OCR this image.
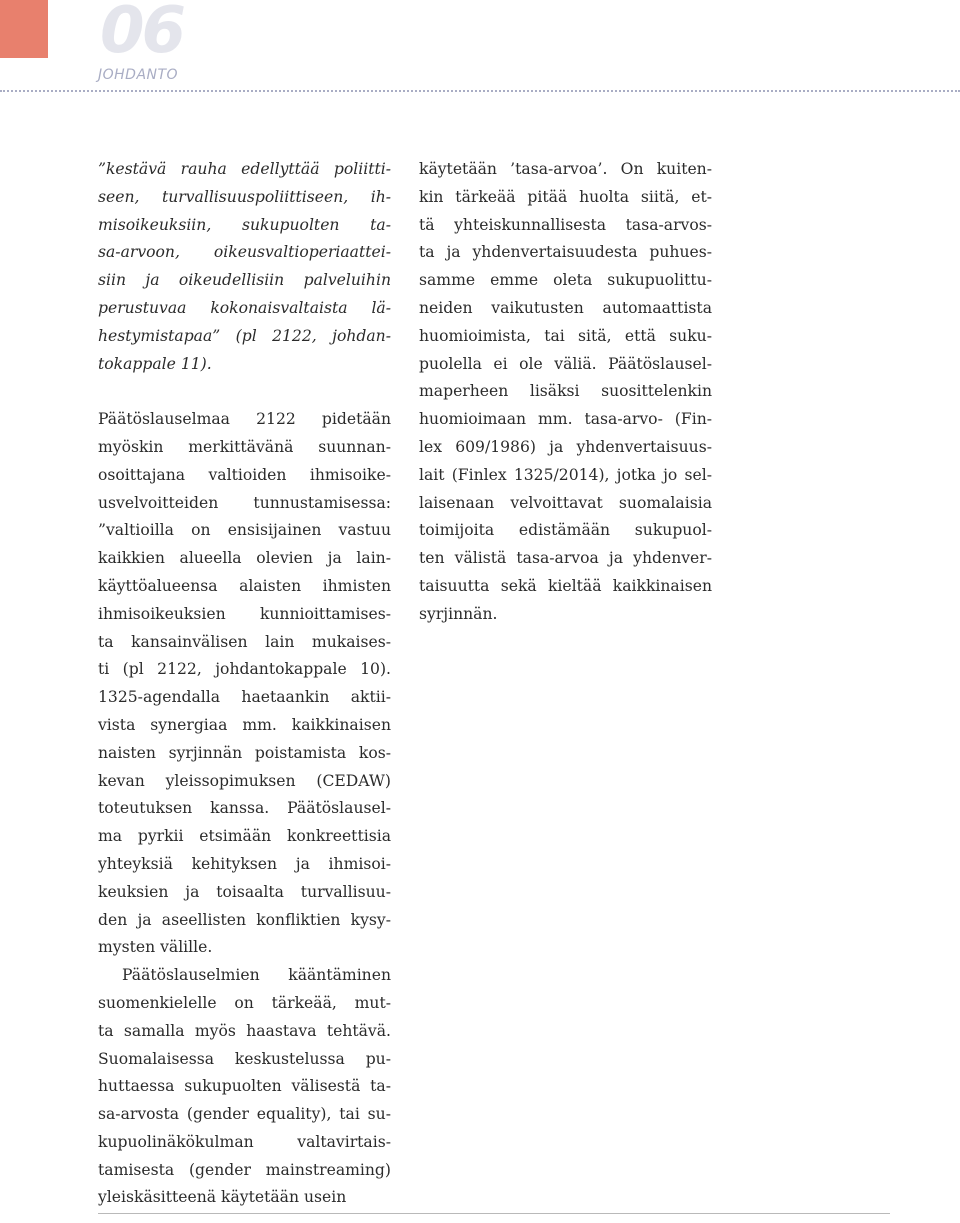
06
JOHDANTO
”kestävä rauha edellyttää poliitti-
seen, turvallisuuspoliittiseen, ih-
misoikeuksiin, sukupuolten ta-
sa-arvoon, oikeusvaltioperiaattei-
siin ja oikeudellisiin palveluihin
perustuvaa kokonaisvaltaista lä-
hestymistapaa” (pl 2122, johdan-
tokappale 11).
Päätöslauselmaa 2122 pidetään
myöskin merkittävänä suunnan-
osoittajana valtioiden ihmisoike-
usvelvoitteiden tunnustamisessa:
”valtioilla on ensisijainen vastuu
kaikkien alueella olevien ja lain-
käyttöalueensa alaisten ihmisten
ihmisoikeuksien kunnioittamises-
ta kansainvälisen lain mukaises-
ti (pl 2122, johdantokappale 10).
1325-agendalla haetaankin aktii-
vista synergiaa mm. kaikkinaisen
naisten syrjinnän poistamista kos-
kevan yleissopimuksen (CEDAW)
toteutuksen kanssa. Päätöslausel-
ma pyrkii etsimään konkreettisia
yhteyksiä kehityksen ja ihmisoi-
keuksien ja toisaalta turvallisuu-
den ja aseellisten konfliktien kysy-
mysten välille.
Päätöslauselmien kääntäminen
suomenkielelle on tärkeää, mut-
ta samalla myös haastava tehtävä.
Suomalaisessa keskustelussa pu-
huttaessa sukupuolten välisestä ta-
sa-arvosta (gender equality), tai su-
kupuolinäkökulman valtavirtais-
tamisesta (gender mainstreaming)
yleiskäsitteenä käytetään usein
käytetään ’tasa-arvoa’. On kuiten-
kin tärkeää pitää huolta siitä, et-
tä yhteiskunnallisesta tasa-arvos-
ta ja yhdenvertaisuudesta puhues-
samme emme oleta sukupuolittu-
neiden vaikutusten automaattista
huomioimista, tai sitä, että suku-
puolella ei ole väliä. Päätöslausel-
maperheen lisäksi suosittelenkin
huomioimaan mm. tasa-arvo- (Fin-
lex 609/1986) ja yhdenvertaisuus-
lait (Finlex 1325/2014), jotka jo sel-
laisenaan velvoittavat suomalaisia
toimijoita edistämään sukupuol-
ten välistä tasa-arvoa ja yhdenver-
taisuutta sekä kieltää kaikkinaisen
syrjinnän.
